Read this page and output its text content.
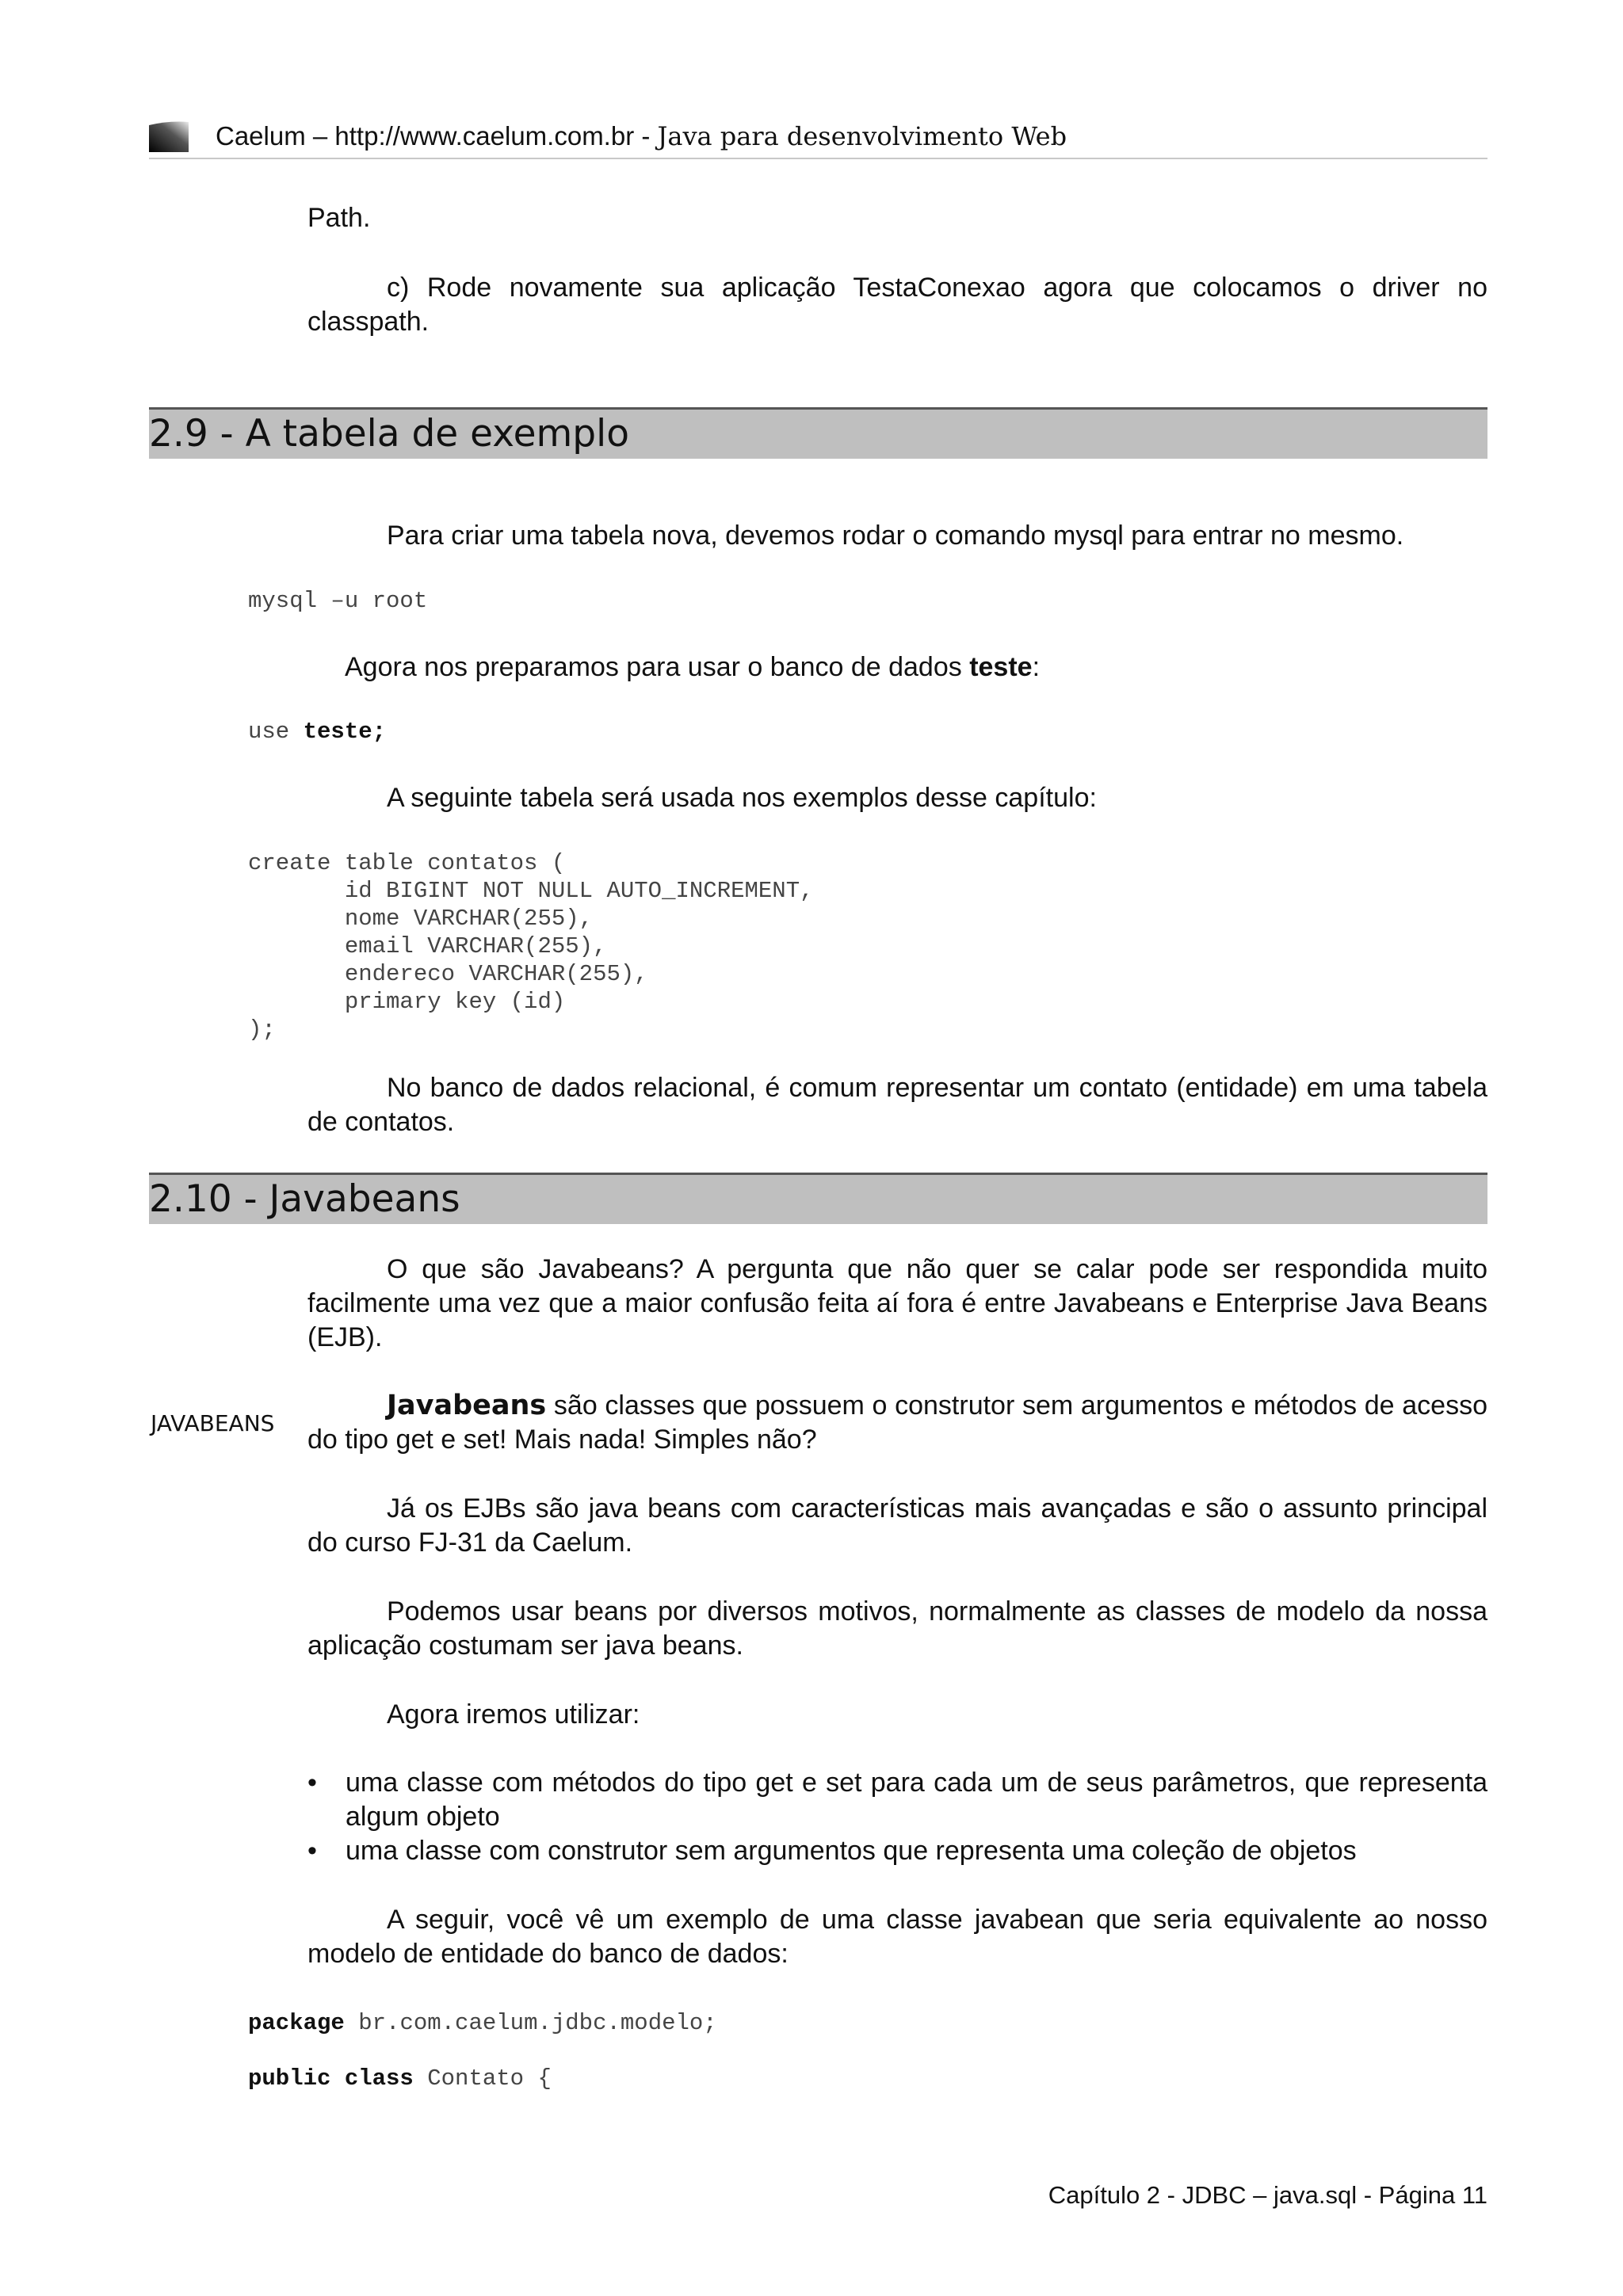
Caelum – http://www.caelum.com.br - Java para desenvolvimento Web
Path.
c) Rode novamente sua aplicação TestaConexao agora que colocamos o driver no classpath.
2.9 - A tabela de exemplo
Para criar uma tabela nova, devemos rodar o comando mysql para entrar no mesmo.
mysql –u root
Agora nos preparamos para usar o banco de dados teste:
use teste;
A seguinte tabela será usada nos exemplos desse capítulo:
create table contatos (
id BIGINT NOT NULL AUTO_INCREMENT,
nome VARCHAR(255),
email VARCHAR(255),
endereco VARCHAR(255),
primary key (id)
);
No banco de dados relacional, é comum representar um contato (entidade) em uma tabela de contatos.
2.10 - Javabeans
O que são Javabeans? A pergunta que não quer se calar pode ser respondida muito facilmente uma vez que a maior confusão feita aí fora é entre Javabeans e Enterprise Java Beans (EJB).
JAVABEANS
Javabeans são classes que possuem o construtor sem argumentos e métodos de acesso do tipo get e set! Mais nada! Simples não?
Já os EJBs são java beans com características mais avançadas e são o assunto principal do curso FJ-31 da Caelum.
Podemos usar beans por diversos motivos, normalmente as classes de modelo da nossa aplicação costumam ser java beans.
Agora iremos utilizar:
•	uma classe com métodos do tipo get e set para cada um de seus parâmetros, que representa algum objeto
•	uma classe com construtor sem argumentos que representa uma coleção de objetos
A seguir, você vê um exemplo de uma classe javabean que seria equivalente ao nosso modelo de entidade do banco de dados:
package br.com.caelum.jdbc.modelo;
public class Contato {
Capítulo 2 - JDBC – java.sql - Página 11
